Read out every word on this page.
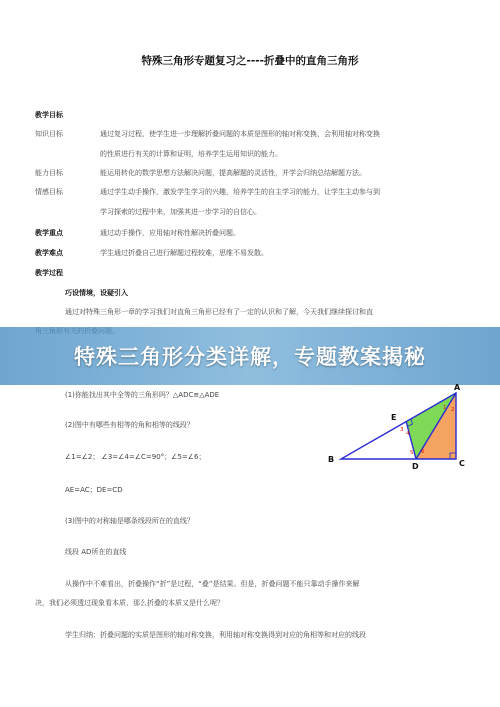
特殊三角形专题复习之----折叠中的直角三角形
教学目标
知识目标	通过复习过程，使学生进一步理解折叠问题的本质是图形的轴对称变换，会利用轴对称变换
的性质进行有关的计算和证明，培养学生运用知识的能力。
能力目标	能运用转化的数学思想方法解决问题，提高解题的灵活性，并学会归纳总结解题方法。
情感目标	通过学生动手操作，激发学生学习的兴趣，培养学生的自主学习的能力，让学生主动参与到
学习探索的过程中来，加强其进一步学习的自信心。
教学重点	通过动手操作，应用轴对称性解决折叠问题。
教学难点	学生通过折叠自己进行解题过程较难，思维不易发散。
教学过程
巧设情境，设疑引入
通过对特殊三角形一章的学习我们对直角三角形已经有了一定的认识和了解，今天我们继续探讨和直
特殊三角形分类详解，专题教案揭秘
(1)你能找出其中全等的三角形吗？△ADC≌△ADE
(2)图中有哪些有相等的角和相等的线段？
∠1=∠2； ∠3=∠4=∠C=90°；∠5=∠6；
AE=AC；DE=CD
(3)图中的对称轴是哪条线段所在的直线？
线段 AD所在的直线
从操作中不难看出，折叠操作“折”是过程，“叠”是结果。但是，折叠问题不能只靠动手操作来解
决，我们必须透过现象看本质，那么折叠的本质又是什么呢？
学生归纳：折叠问题的实质是图形的轴对称变换，利用轴对称变换得到对应的角相等和对应的线段
A
B	C
D
E
1 2
3
4
5 6
